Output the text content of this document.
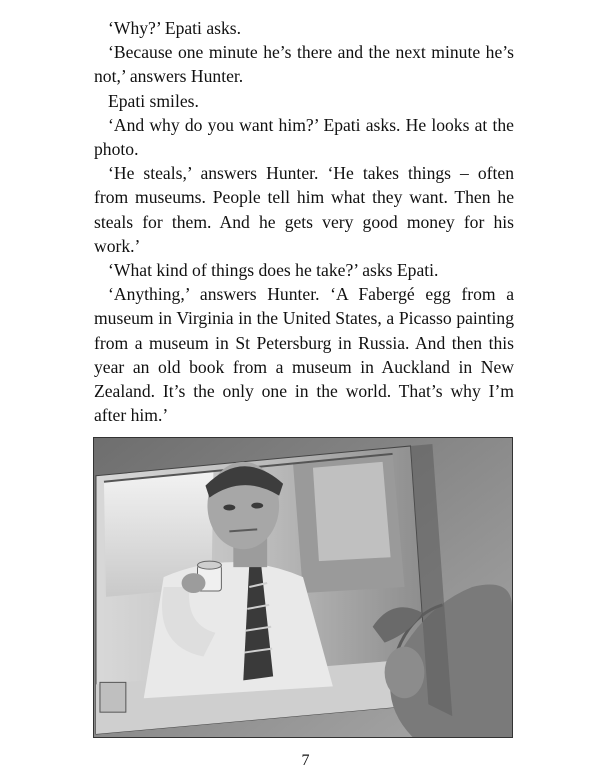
‘Why?’ Epati asks.

‘Because one minute he’s there and the next minute he’s not,’ answers Hunter.

Epati smiles.

‘And why do you want him?’ Epati asks. He looks at the photo.

‘He steals,’ answers Hunter. ‘He takes things – often from museums. People tell him what they want. Then he steals for them. And he gets very good money for his work.’

‘What kind of things does he take?’ asks Epati.

‘Anything,’ answers Hunter. ‘A Fabergé egg from a museum in Virginia in the United States, a Picasso painting from a museum in St Petersburg in Russia. And then this year an old book from a museum in Auckland in New Zealand. It’s the only one in the world. That’s why I’m after him.’

7
